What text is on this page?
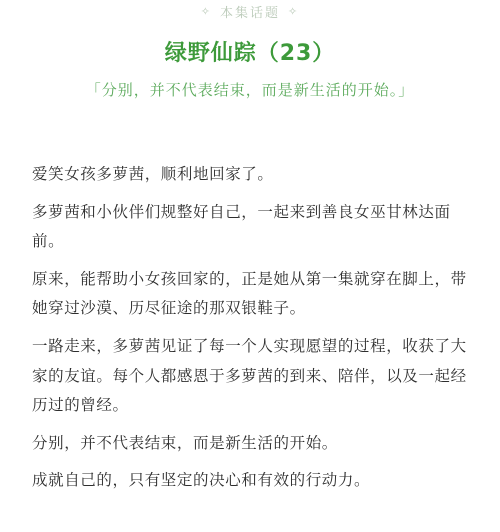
✧ 本集话题 ✧
绿野仙踪（23）
「分别，并不代表结束，而是新生活的开始。」

爱笑女孩多萝茜，顺利地回家了。

多萝茜和小伙伴们规整好自己，一起来到善良女巫甘林达面前。

原来，能帮助小女孩回家的，正是她从第一集就穿在脚上，带她穿过沙漠、历尽征途的那双银鞋子。

一路走来，多萝茜见证了每一个人实现愿望的过程，收获了大家的友谊。每个人都感恩于多萝茜的到来、陪伴，以及一起经历过的曾经。

分别，并不代表结束，而是新生活的开始。

成就自己的，只有坚定的决心和有效的行动力。
